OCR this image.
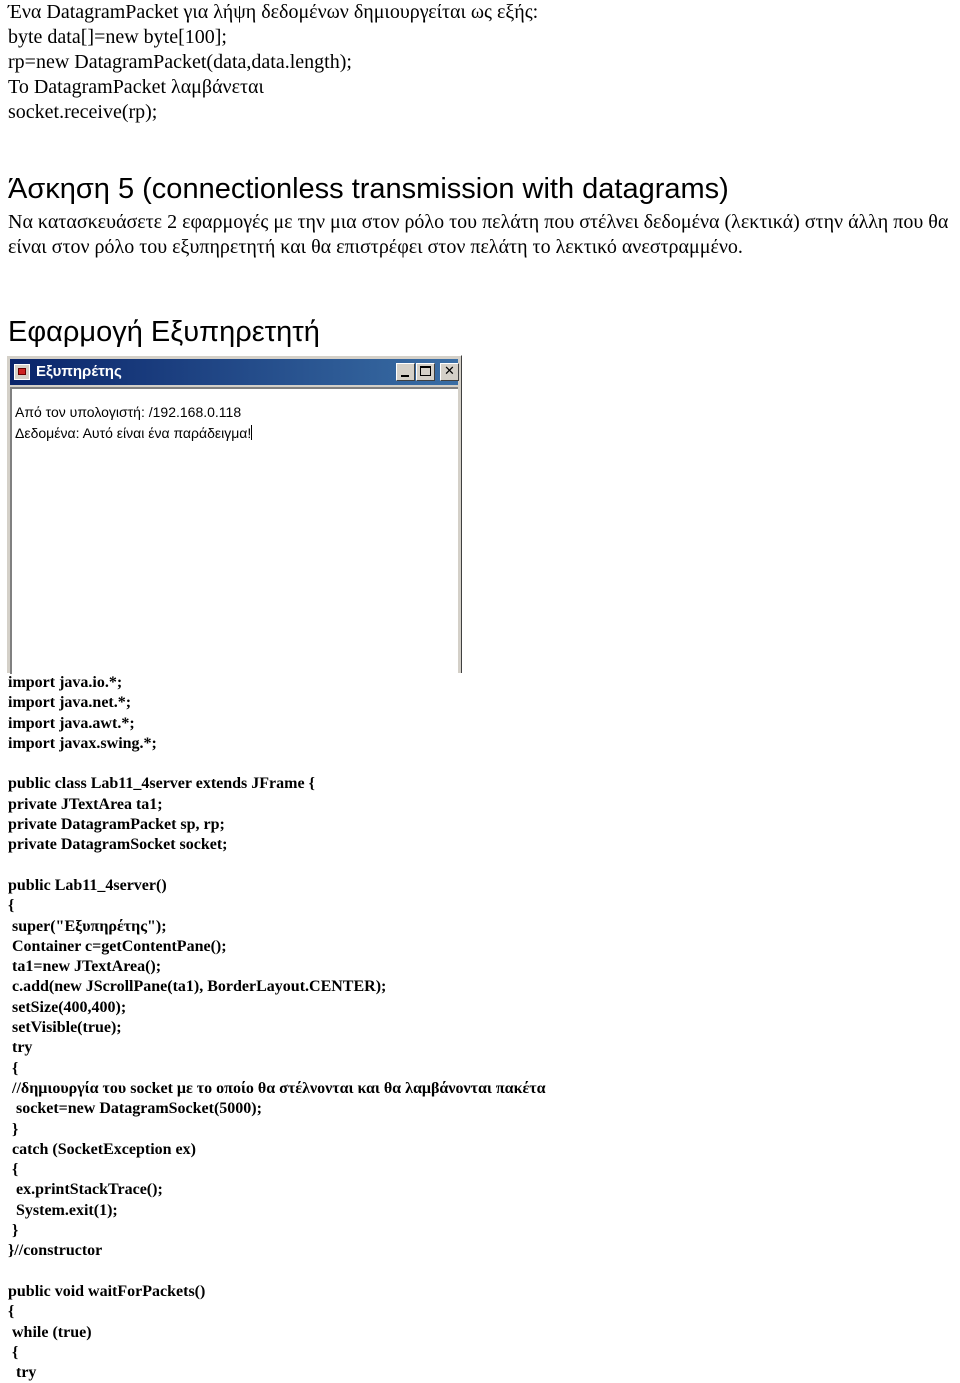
Ένα DatagramPacket για λήψη δεδομένων δημιουργείται ως εξής:
byte data[]=new byte[100];
rp=new DatagramPacket(data,data.length);
Το DatagramPacket λαμβάνεται
socket.receive(rp);
Άσκηση 5 (connectionless transmission with datagrams)
Να κατασκευάσετε 2 εφαρμογές με την μια στον ρόλο του πελάτη που στέλνει δεδομένα (λεκτικά) στην άλλη που θα είναι στον ρόλο του εξυπηρετητή και θα επιστρέφει στον πελάτη το λεκτικό ανεστραμμένο.
Εφαρμογή Εξυπηρετητή
Εξυπηρέτης	✕
Από τον υπολογιστή: /192.168.0.118
Δεδομένα: Αυτό είναι ένα παράδειγμα!
import java.io.*;
import java.net.*;
import java.awt.*;
import javax.swing.*;
public class Lab11_4server extends JFrame {
private JTextArea ta1;
private DatagramPacket sp, rp;
private DatagramSocket socket;
public Lab11_4server()
{
super("Εξυπηρέτης");
Container c=getContentPane();
ta1=new JTextArea();
c.add(new JScrollPane(ta1), BorderLayout.CENTER);
setSize(400,400);
setVisible(true);
try
{
//δημιουργία του socket με το οποίο θα στέλνονται και θα λαμβάνονται πακέτα
socket=new DatagramSocket(5000);
}
catch (SocketException ex)
{
ex.printStackTrace();
System.exit(1);
}
}//constructor
public void waitForPackets()
{
while (true)
{
try
